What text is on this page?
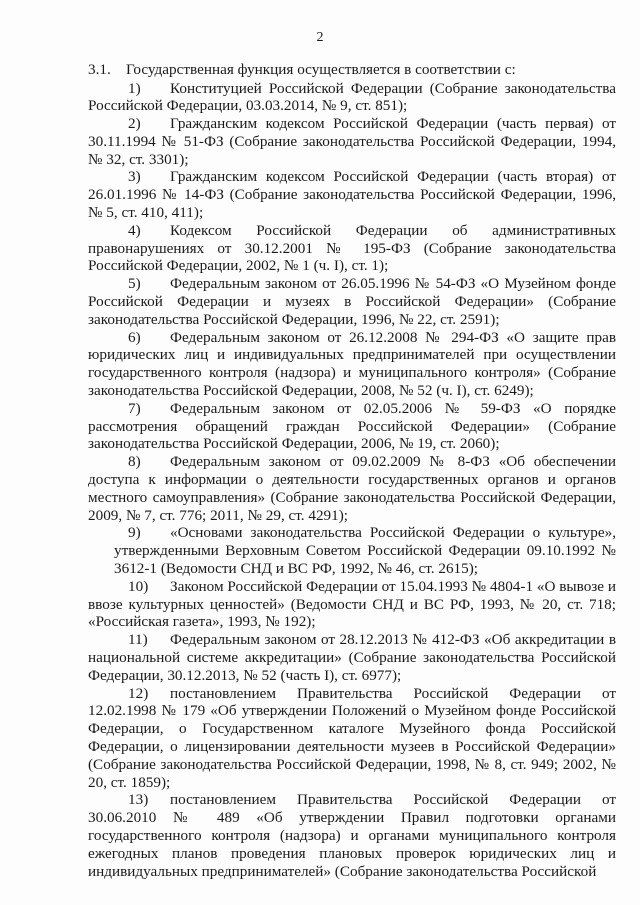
2

3.1. Государственная функция осуществляется в соответствии с:

1) Конституцией Российской Федерации (Собрание законодательства Российской Федерации, 03.03.2014, № 9, ст. 851);
2) Гражданским кодексом Российской Федерации (часть первая) от 30.11.1994 № 51-ФЗ (Собрание законодательства Российской Федерации, 1994, № 32, ст. 3301);
3) Гражданским кодексом Российской Федерации (часть вторая) от 26.01.1996 № 14-ФЗ (Собрание законодательства Российской Федерации, 1996, № 5, ст. 410, 411);
4) Кодексом Российской Федерации об административных правонарушениях от 30.12.2001 № 195-ФЗ (Собрание законодательства Российской Федерации, 2002, № 1 (ч. I), ст. 1);
5) Федеральным законом от 26.05.1996 № 54-ФЗ «О Музейном фонде Российской Федерации и музеях в Российской Федерации» (Собрание законодательства Российской Федерации, 1996, № 22, ст. 2591);
6) Федеральным законом от 26.12.2008 № 294-ФЗ «О защите прав юридических лиц и индивидуальных предпринимателей при осуществлении государственного контроля (надзора) и муниципального контроля» (Собрание законодательства Российской Федерации, 2008, № 52 (ч. I), ст. 6249);
7) Федеральным законом от 02.05.2006 № 59-ФЗ «О порядке рассмотрения обращений граждан Российской Федерации» (Собрание законодательства Российской Федерации, 2006, № 19, ст. 2060);
8) Федеральным законом от 09.02.2009 № 8-ФЗ «Об обеспечении доступа к информации о деятельности государственных органов и органов местного самоуправления» (Собрание законодательства Российской Федерации, 2009, № 7, ст. 776; 2011, № 29, ст. 4291);
9) «Основами законодательства Российской Федерации о культуре», утвержденными Верховным Советом Российской Федерации 09.10.1992 № 3612-1 (Ведомости СНД и ВС РФ, 1992, № 46, ст. 2615);
10) Законом Российской Федерации от 15.04.1993 № 4804-1 «О вывозе и ввозе культурных ценностей» (Ведомости СНД и ВС РФ, 1993, № 20, ст. 718; «Российская газета», 1993, № 192);
11) Федеральным законом от 28.12.2013 № 412-ФЗ «Об аккредитации в национальной системе аккредитации» (Собрание законодательства Российской Федерации, 30.12.2013, № 52 (часть I), ст. 6977);
12) постановлением Правительства Российской Федерации от 12.02.1998 № 179 «Об утверждении Положений о Музейном фонде Российской Федерации, о Государственном каталоге Музейного фонда Российской Федерации, о лицензировании деятельности музеев в Российской Федерации» (Собрание законодательства Российской Федерации, 1998, № 8, ст. 949; 2002, № 20, ст. 1859);
13) постановлением Правительства Российской Федерации от 30.06.2010 № 489 «Об утверждении Правил подготовки органами государственного контроля (надзора) и органами муниципального контроля ежегодных планов проведения плановых проверок юридических лиц и индивидуальных предпринимателей» (Собрание законодательства Российской
